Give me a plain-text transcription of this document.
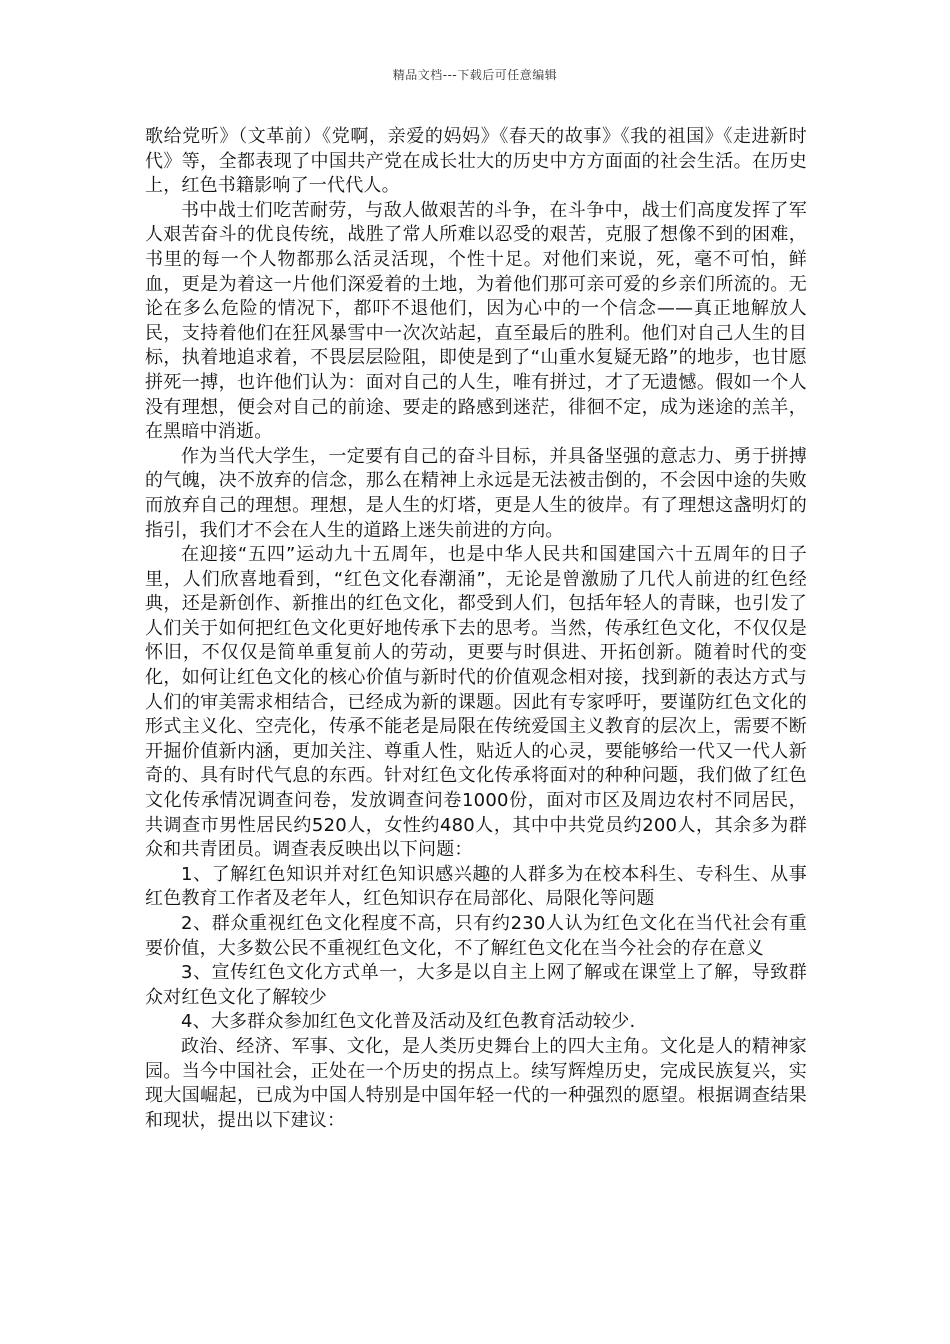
精品文档---下载后可任意编辑

歌给党听》（文革前）《党啊，亲爱的妈妈》《春天的故事》《我的祖国》《走进新时代》等，全都表现了中国共产党在成长壮大的历史中方方面面的社会生活。在历史上，红色书籍影响了一代代人。

书中战士们吃苦耐劳，与敌人做艰苦的斗争，在斗争中，战士们高度发挥了军人艰苦奋斗的优良传统，战胜了常人所难以忍受的艰苦，克服了想像不到的困难，书里的每一个人物都那么活灵活现，个性十足。对他们来说，死，毫不可怕，鲜血，更是为着这一片他们深爱着的土地，为着他们那可亲可爱的乡亲们所流的。无论在多么危险的情况下，都吓不退他们，因为心中的一个信念——真正地解放人民，支持着他们在狂风暴雪中一次次站起，直至最后的胜利。他们对自己人生的目标，执着地追求着，不畏层层险阻，即使是到了“山重水复疑无路”的地步，也甘愿拼死一搏，也许他们认为：面对自己的人生，唯有拼过，才了无遗憾。假如一个人没有理想，便会对自己的前途、要走的路感到迷茫，徘徊不定，成为迷途的羔羊，在黑暗中消逝。

作为当代大学生，一定要有自己的奋斗目标，并具备坚强的意志力、勇于拼搏的气魄，决不放弃的信念，那么在精神上永远是无法被击倒的，不会因中途的失败而放弃自己的理想。理想，是人生的灯塔，更是人生的彼岸。有了理想这盏明灯的指引，我们才不会在人生的道路上迷失前进的方向。

在迎接“五四”运动九十五周年，也是中华人民共和国建国六十五周年的日子里，人们欣喜地看到，“红色文化春潮涌”，无论是曾激励了几代人前进的红色经典，还是新创作、新推出的红色文化，都受到人们，包括年轻人的青睐，也引发了人们关于如何把红色文化更好地传承下去的思考。当然，传承红色文化，不仅仅是怀旧，不仅仅是简单重复前人的劳动，更要与时俱进、开拓创新。随着时代的变化，如何让红色文化的核心价值与新时代的价值观念相对接，找到新的表达方式与人们的审美需求相结合，已经成为新的课题。因此有专家呼吁，要谨防红色文化的形式主义化、空壳化，传承不能老是局限在传统爱国主义教育的层次上，需要不断开掘价值新内涵，更加关注、尊重人性，贴近人的心灵，要能够给一代又一代人新奇的、具有时代气息的东西。针对红色文化传承将面对的种种问题，我们做了红色文化传承情况调查问卷，发放调查问卷1000份，面对市区及周边农村不同居民，共调查市男性居民约520人，女性约480人，其中中共党员约200人，其余多为群众和共青团员。调查表反映出以下问题：

1、了解红色知识并对红色知识感兴趣的人群多为在校本科生、专科生、从事红色教育工作者及老年人，红色知识存在局部化、局限化等问题

2、群众重视红色文化程度不高，只有约230人认为红色文化在当代社会有重要价值，大多数公民不重视红色文化，不了解红色文化在当今社会的存在意义

3、宣传红色文化方式单一，大多是以自主上网了解或在课堂上了解，导致群众对红色文化了解较少

4、大多群众参加红色文化普及活动及红色教育活动较少.

政治、经济、军事、文化，是人类历史舞台上的四大主角。文化是人的精神家园。当今中国社会，正处在一个历史的拐点上。续写辉煌历史，完成民族复兴，实现大国崛起，已成为中国人特别是中国年轻一代的一种强烈的愿望。根据调查结果和现状，提出以下建议：
